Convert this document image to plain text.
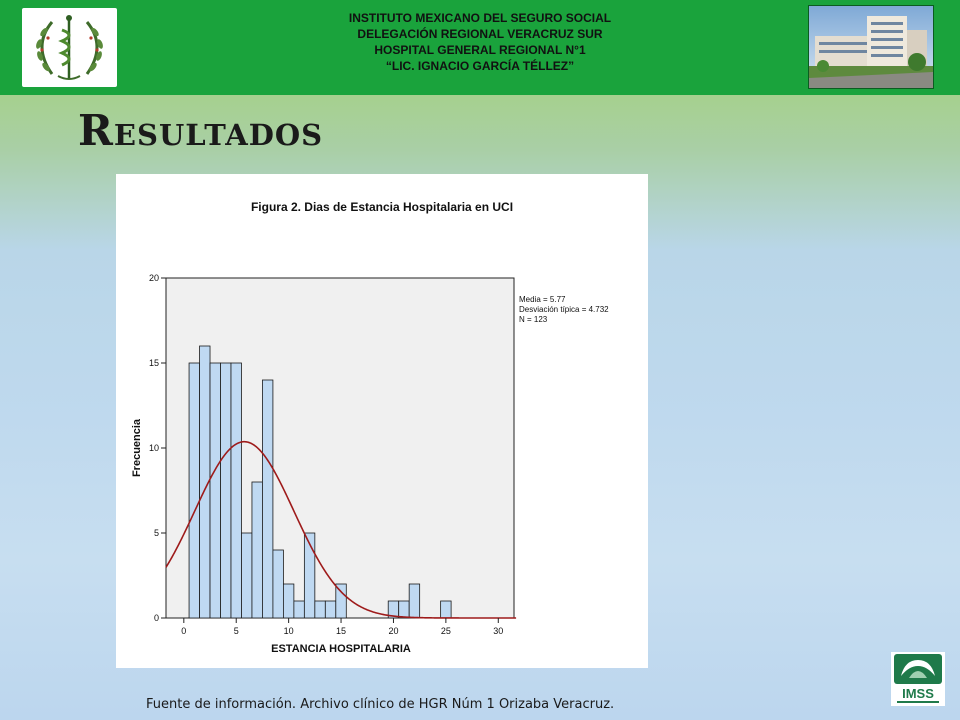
INSTITUTO MEXICANO DEL SEGURO SOCIAL
DELEGACIÓN REGIONAL VERACRUZ SUR
HOSPITAL GENERAL REGIONAL N°1
“LIC. IGNACIO GARCÍA TÉLLEZ”
Resultados
Figura 2. Dias de Estancia Hospitalaria en UCI
0	5	10	15	20	25	30
0
5
10
15
20
Media = 5.77
Desviación típica = 4.732
N = 123
ESTANCIA HOSPITALARIA
Frecuencia
Fuente de información. Archivo clínico de HGR Núm 1 Orizaba Veracruz.
IMSS
